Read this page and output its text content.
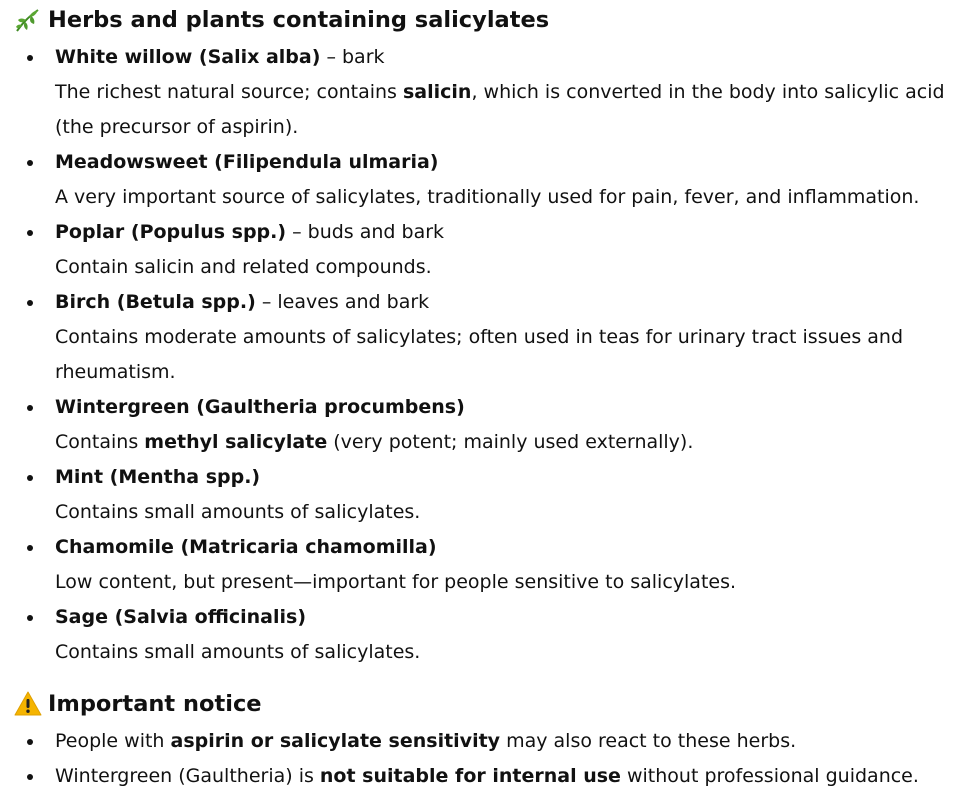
Herbs and plants containing salicylates
White willow (Salix alba) – bark
The richest natural source; contains salicin, which is converted in the body into salicylic acid (the precursor of aspirin).
Meadowsweet (Filipendula ulmaria)
A very important source of salicylates, traditionally used for pain, fever, and inflammation.
Poplar (Populus spp.) – buds and bark
Contain salicin and related compounds.
Birch (Betula spp.) – leaves and bark
Contains moderate amounts of salicylates; often used in teas for urinary tract issues and rheumatism.
Wintergreen (Gaultheria procumbens)
Contains methyl salicylate (very potent; mainly used externally).
Mint (Mentha spp.)
Contains small amounts of salicylates.
Chamomile (Matricaria chamomilla)
Low content, but present—important for people sensitive to salicylates.
Sage (Salvia officinalis)
Contains small amounts of salicylates.
Important notice
People with aspirin or salicylate sensitivity may also react to these herbs.
Wintergreen (Gaultheria) is not suitable for internal use without professional guidance.
